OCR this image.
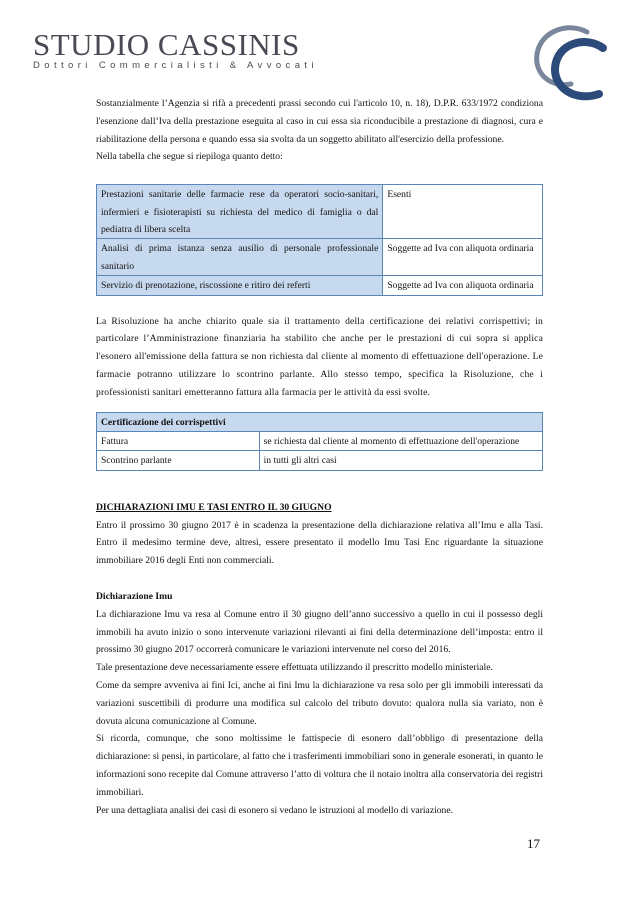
STUDIO CASSINIS
Dottori Commercialisti & Avvocati

Sostanzialmente l’Agenzia si rifà a precedenti prassi secondo cui l'articolo 10, n. 18), D.P.R. 633/1972 condiziona l'esenzione dall’Iva della prestazione eseguita al caso in cui essa sia riconducibile a prestazione di diagnosi, cura e riabilitazione della persona e quando essa sia svolta da un soggetto abilitato all'esercizio della professione.

Nella tabella che segue si riepiloga quanto detto:

Prestazioni sanitarie delle farmacie rese da operatori socio-sanitari, infermieri e fisioterapisti su richiesta del medico di famiglia o dal pediatra di libera scelta	Esenti
Analisi di prima istanza senza ausilio di personale professionale sanitario	Soggette ad Iva con aliquota ordinaria
Servizio di prenotazione, riscossione e ritiro dei referti	Soggette ad Iva con aliquota ordinaria

La Risoluzione ha anche chiarito quale sia il trattamento della certificazione dei relativi corrispettivi; in particolare l’Amministrazione finanziaria ha stabilito che anche per le prestazioni di cui sopra si applica l'esonero all'emissione della fattura se non richiesta dal cliente al momento di effettuazione dell'operazione. Le farmacie potranno utilizzare lo scontrino parlante. Allo stesso tempo, specifica la Risoluzione, che i professionisti sanitari emetteranno fattura alla farmacia per le attività da essi svolte.

Certificazione dei corrispettivi	
Fattura	se richiesta dal cliente al momento di effettuazione dell'operazione
Scontrino parlante	in tutti gli altri casi

DICHIARAZIONI IMU E TASI ENTRO IL 30 GIUGNO

Entro il prossimo 30 giugno 2017 è in scadenza la presentazione della dichiarazione relativa all’Imu e alla Tasi. Entro il medesimo termine deve, altresì, essere presentato il modello Imu Tasi Enc riguardante la situazione immobiliare 2016 degli Enti non commerciali.

Dichiarazione Imu

La dichiarazione Imu va resa al Comune entro il 30 giugno dell’anno successivo a quello in cui il possesso degli immobili ha avuto inizio o sono intervenute variazioni rilevanti ai fini della determinazione dell’imposta: entro il prossimo 30 giugno 2017 occorrerà comunicare le variazioni intervenute nel corso del 2016.

Tale presentazione deve necessariamente essere effettuata utilizzando il prescritto modello ministeriale.

Come da sempre avveniva ai fini Ici, anche ai fini Imu la dichiarazione va resa solo per gli immobili interessati da variazioni suscettibili di produrre una modifica sul calcolo del tributo dovuto: qualora nulla sia variato, non è dovuta alcuna comunicazione al Comune.

Si ricorda, comunque, che sono moltissime le fattispecie di esonero dall’obbligo di presentazione della dichiarazione: si pensi, in particolare, al fatto che i trasferimenti immobiliari sono in generale esonerati, in quanto le informazioni sono recepite dal Comune attraverso l’atto di voltura che il notaio inoltra alla conservatoria dei registri immobiliari.

Per una dettagliata analisi dei casi di esonero si vedano le istruzioni al modello di variazione.

17
